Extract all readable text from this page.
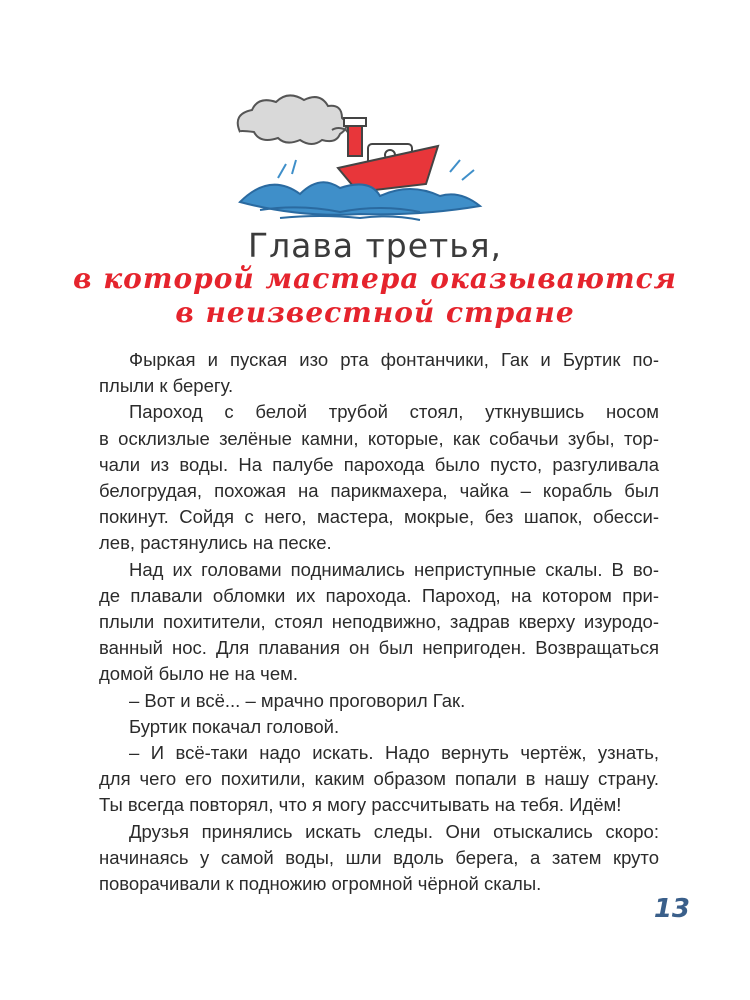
Глава третья,
в которой мастера оказываются
в неизвестной стране

Фыркая и пуская изо рта фонтанчики, Гак и Буртик по-
плыли к берегу.

Пароход с белой трубой стоял, уткнувшись носом
в осклизлые зелёные камни, которые, как собачьи зубы, тор-
чали из воды. На палубе парохода было пусто, разгуливала
белогрудая, похожая на парикмахера, чайка – корабль был
покинут. Сойдя с него, мастера, мокрые, без шапок, обесси-
лев, растянулись на песке.

Над их головами поднимались неприступные скалы. В во-
де плавали обломки их парохода. Пароход, на котором при-
плыли похитители, стоял неподвижно, задрав кверху изуродо-
ванный нос. Для плавания он был непригоден. Возвращаться
домой было не на чем.

– Вот и всё... – мрачно проговорил Гак.

Буртик покачал головой.

– И всё-таки надо искать. Надо вернуть чертёж, узнать,
для чего его похитили, каким образом попали в нашу страну.
Ты всегда повторял, что я могу рассчитывать на тебя. Идём!

Друзья принялись искать следы. Они отыскались скоро:
начинаясь у самой воды, шли вдоль берега, а затем круто
поворачивали к подножию огромной чёрной скалы.

13
